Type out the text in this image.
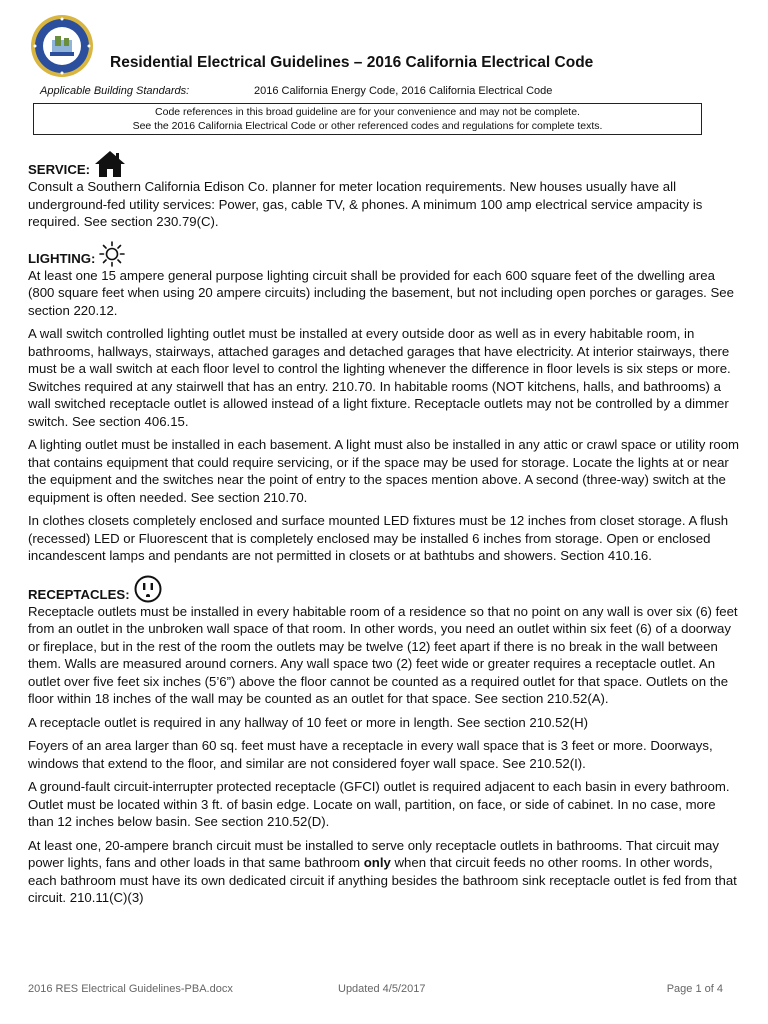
Residential Electrical Guidelines – 2016 California Electrical Code
Applicable Building Standards:	2016 California Energy Code, 2016 California Electrical Code
Code references in this broad guideline are for your convenience and may not be complete.
See the 2016 California Electrical Code or other referenced codes and regulations for complete texts.
SERVICE:

Consult a Southern California Edison Co. planner for meter location requirements. New houses usually have all underground-fed utility services: Power, gas, cable TV, & phones. A minimum 100 amp electrical service ampacity is required. See section 230.79(C).

LIGHTING:

At least one 15 ampere general purpose lighting circuit shall be provided for each 600 square feet of the dwelling area (800 square feet when using 20 ampere circuits) including the basement, but not including open porches or garages. See section 220.12.

A wall switch controlled lighting outlet must be installed at every outside door as well as in every habitable room, in bathrooms, hallways, stairways, attached garages and detached garages that have electricity. At interior stairways, there must be a wall switch at each floor level to control the lighting whenever the difference in floor levels is six steps or more. Switches required at any stairwell that has an entry. 210.70. In habitable rooms (NOT kitchens, halls, and bathrooms) a wall switched receptacle outlet is allowed instead of a light fixture. Receptacle outlets may not be controlled by a dimmer switch. See section 406.15.

A lighting outlet must be installed in each basement. A light must also be installed in any attic or crawl space or utility room that contains equipment that could require servicing, or if the space may be used for storage. Locate the lights at or near the equipment and the switches near the point of entry to the spaces mention above. A second (three-way) switch at the equipment is often needed. See section 210.70.

In clothes closets completely enclosed and surface mounted LED fixtures must be 12 inches from closet storage. A flush (recessed) LED or Fluorescent that is completely enclosed may be installed 6 inches from storage. Open or enclosed incandescent lamps and pendants are not permitted in closets or at bathtubs and showers. Section 410.16.

RECEPTACLES:

Receptacle outlets must be installed in every habitable room of a residence so that no point on any wall is over six (6) feet from an outlet in the unbroken wall space of that room. In other words, you need an outlet within six feet (6) of a doorway or fireplace, but in the rest of the room the outlets may be twelve (12) feet apart if there is no break in the wall between them. Walls are measured around corners. Any wall space two (2) feet wide or greater requires a receptacle outlet. An outlet over five feet six inches (5’6”) above the floor cannot be counted as a required outlet for that space. Outlets on the floor within 18 inches of the wall may be counted as an outlet for that space. See section 210.52(A).

A receptacle outlet is required in any hallway of 10 feet or more in length. See section 210.52(H)

Foyers of an area larger than 60 sq. feet must have a receptacle in every wall space that is 3 feet or more. Doorways, windows that extend to the floor, and similar are not considered foyer wall space. See 210.52(I).

A ground-fault circuit-interrupter protected receptacle (GFCI) outlet is required adjacent to each basin in every bathroom. Outlet must be located within 3 ft. of basin edge. Locate on wall, partition, on face, or side of cabinet. In no case, more than 12 inches below basin. See section 210.52(D).

At least one, 20-ampere branch circuit must be installed to serve only receptacle outlets in bathrooms. That circuit may power lights, fans and other loads in that same bathroom only when that circuit feeds no other rooms. In other words, each bathroom must have its own dedicated circuit if anything besides the bathroom sink receptacle outlet is fed from that circuit. 210.11(C)(3)

2016 RES Electrical Guidelines-PBA.docx	Updated 4/5/2017	Page 1 of 4
